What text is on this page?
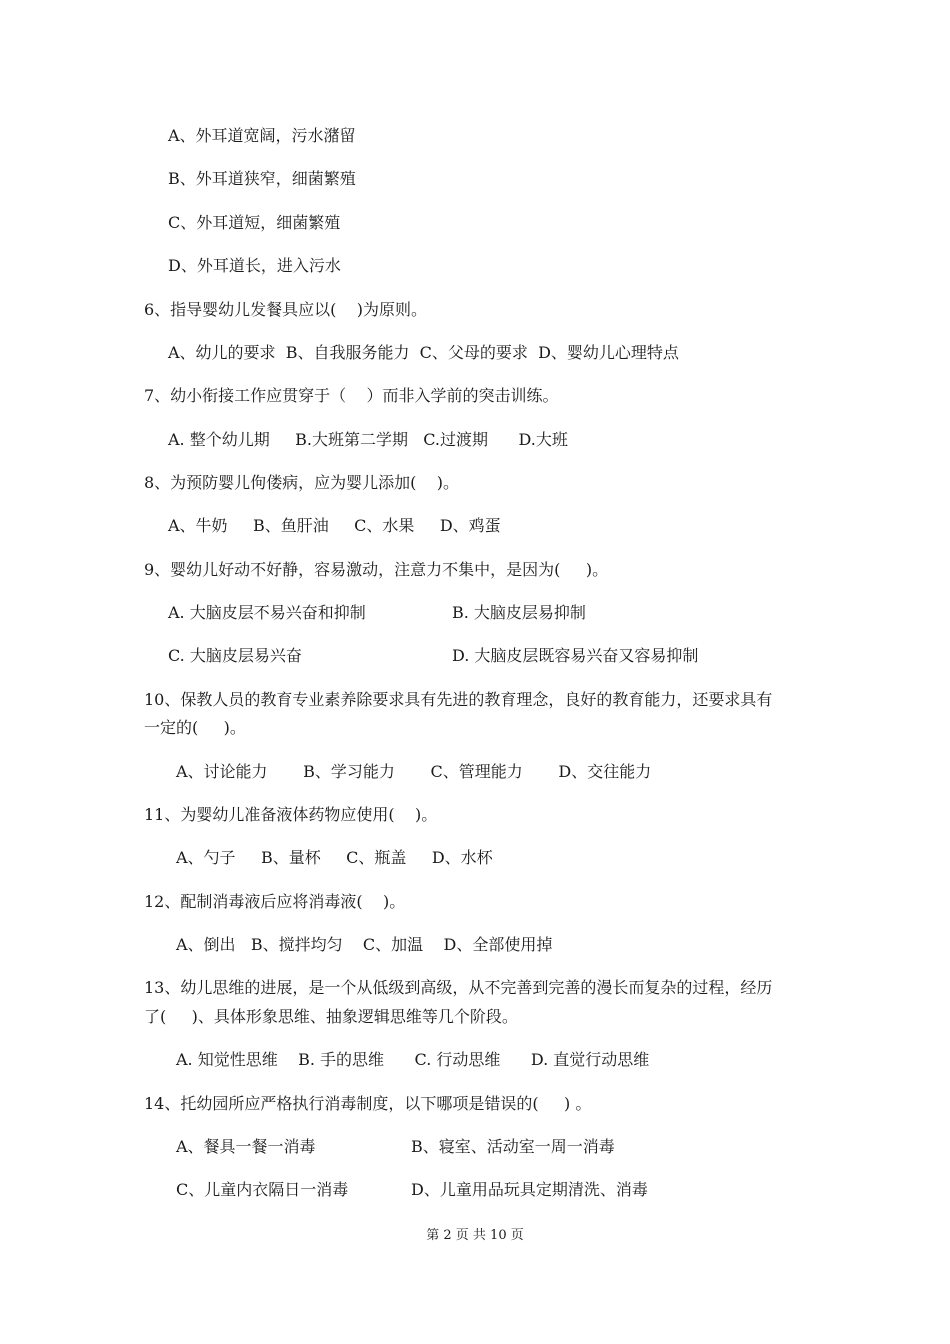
A、外耳道宽阔，污水潴留
B、外耳道狭窄，细菌繁殖
C、外耳道短，细菌繁殖
D、外耳道长，进入污水
6、指导婴幼儿发餐具应以(    )为原则。
A、幼儿的要求  B、自我服务能力  C、父母的要求  D、婴幼儿心理特点
7、幼小衔接工作应贯穿于（    ）而非入学前的突击训练。
A. 整个幼儿期     B.大班第二学期   C.过渡期      D.大班
8、为预防婴儿佝偻病，应为婴儿添加(    )。
A、牛奶     B、鱼肝油     C、水果     D、鸡蛋
9、婴幼儿好动不好静，容易激动，注意力不集中，是因为(     )。
A. 大脑皮层不易兴奋和抑制	B. 大脑皮层易抑制
C. 大脑皮层易兴奋	D. 大脑皮层既容易兴奋又容易抑制
10、保教人员的教育专业素养除要求具有先进的教育理念，良好的教育能力，还要求具有
一定的(     )。
A、讨论能力       B、学习能力       C、管理能力       D、交往能力
11、为婴幼儿准备液体药物应使用(    )。
A、勺子     B、量杯     C、瓶盖     D、水杯
12、配制消毒液后应将消毒液(    )。
A、倒出   B、搅拌均匀    C、加温    D、全部使用掉
13、幼儿思维的进展，是一个从低级到高级，从不完善到完善的漫长而复杂的过程，经历
了(     )、具体形象思维、抽象逻辑思维等几个阶段。
A. 知觉性思维    B. 手的思维      C. 行动思维      D. 直觉行动思维
14、托幼园所应严格执行消毒制度，以下哪项是错误的(     ) 。
A、餐具一餐一消毒	B、寝室、活动室一周一消毒
C、儿童内衣隔日一消毒	D、儿童用品玩具定期清洗、消毒
第 2 页 共 10 页
